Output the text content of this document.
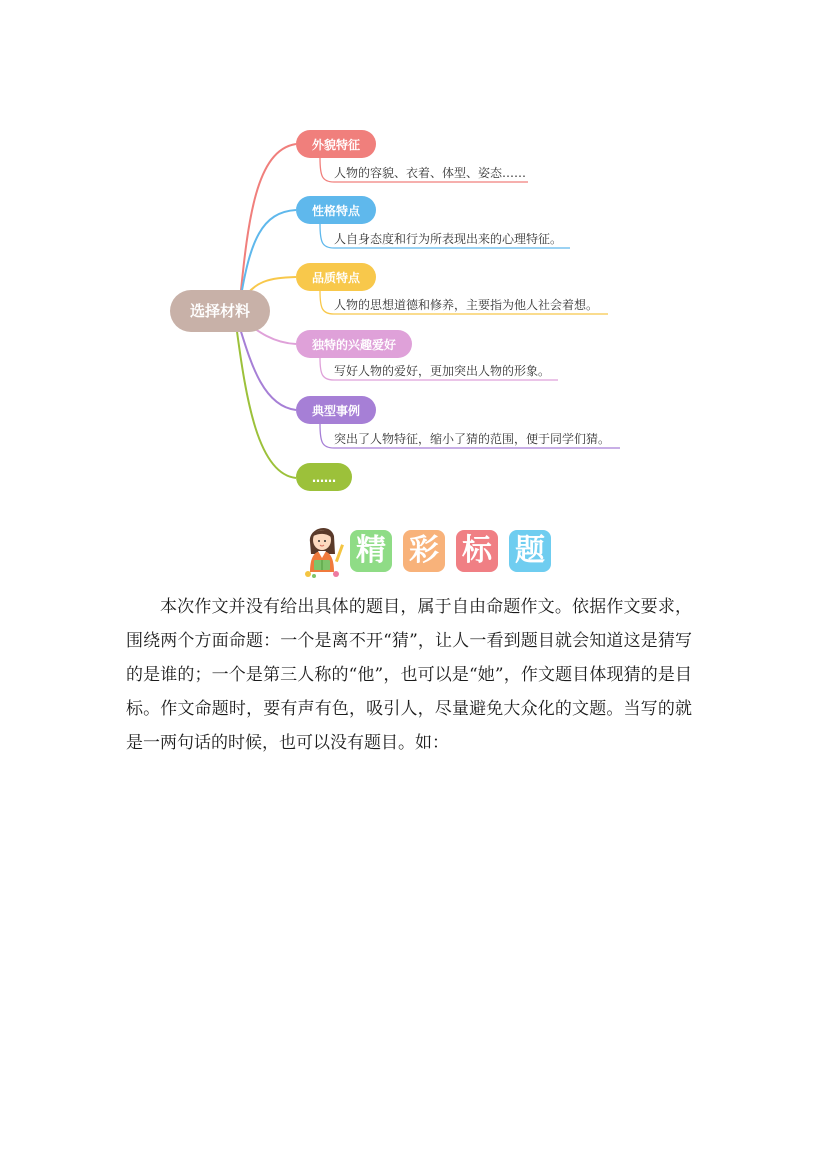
选择材料
外貌特征
人物的容貌、衣着、体型、姿态……
性格特点
人自身态度和行为所表现出来的心理特征。
品质特点
人物的思想道德和修养，主要指为他人社会着想。
独特的兴趣爱好
写好人物的爱好，更加突出人物的形象。
典型事例
突出了人物特征，缩小了猜的范围，便于同学们猜。
……
精 彩 标 题

本次作文并没有给出具体的题目，属于自由命题作文。依据作文要求，围绕两个方面命题：一个是离不开“猜”，让人一看到题目就会知道这是猜写的是谁的；一个是第三人称的“他”，也可以是“她”，作文题目体现猜的是目标。作文命题时，要有声有色，吸引人，尽量避免大众化的文题。当写的就是一两句话的时候，也可以没有题目。如：
